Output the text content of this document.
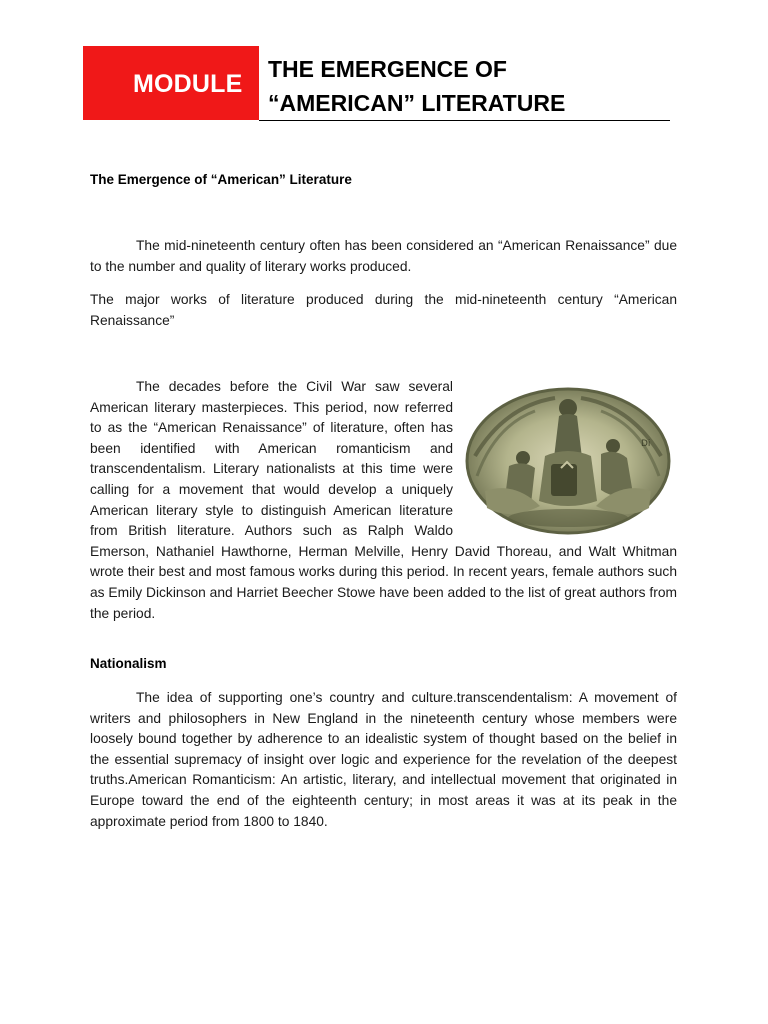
MODULE
THE EMERGENCE OF
“AMERICAN” LITERATURE
The Emergence of “American” Literature

The mid-nineteenth century often has been considered an “American Renaissance” due to the number and quality of literary works produced.

The major works of literature produced during the mid-nineteenth century “American Renaissance”

Di

The decades before the Civil War saw several American literary masterpieces. This period, now referred to as the “American Renaissance” of literature, often has been identified with American romanticism and transcendentalism. Literary nationalists at this time were calling for a movement that would develop a uniquely American literary style to distinguish American literature from British literature. Authors such as Ralph Waldo Emerson, Nathaniel Hawthorne, Herman Melville, Henry David Thoreau, and Walt Whitman wrote their best and most famous works during this period. In recent years, female authors such as Emily Dickinson and Harriet Beecher Stowe have been added to the list of great authors from the period.

Nationalism

The idea of supporting one’s country and culture.transcendentalism: A movement of writers and philosophers in New England in the nineteenth century whose members were loosely bound together by adherence to an idealistic system of thought based on the belief in the essential supremacy of insight over logic and experience for the revelation of the deepest truths.American Romanticism: An artistic, literary, and intellectual movement that originated in Europe toward the end of the eighteenth century; in most areas it was at its peak in the approximate period from 1800 to 1840.
